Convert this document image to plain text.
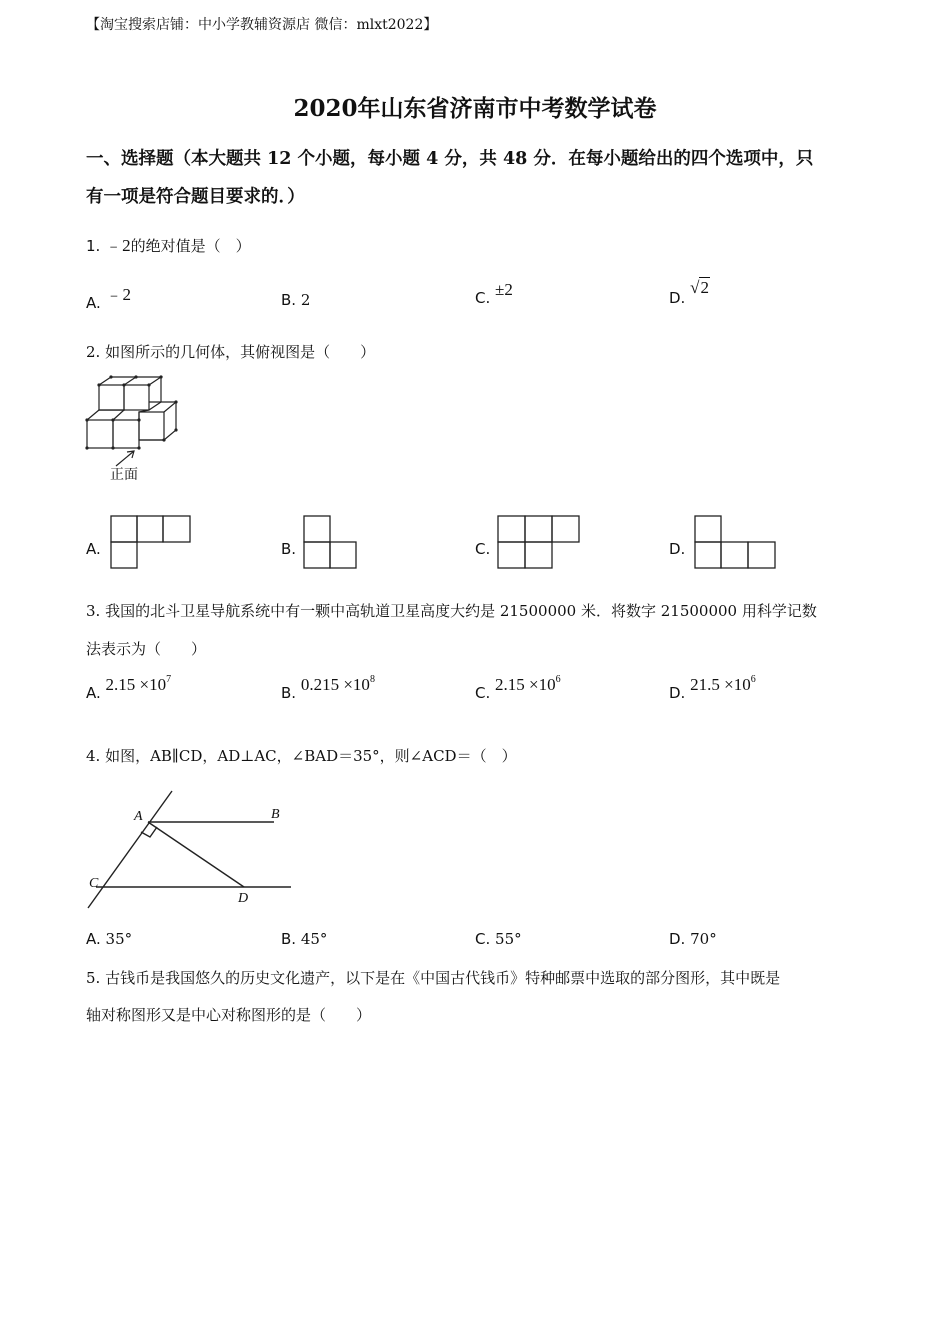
【淘宝搜索店铺：中小学教辅资源店 微信：mlxt2022】
2020年山东省济南市中考数学试卷
一、选择题（本大题共 12 个小题，每小题 4 分，共 48 分．在每小题给出的四个选项中，只
有一项是符合题目要求的．）
1. ﹣2的绝对值是（　）
A. ﹣2	B. 2	C. ±2	D. √2
2. 如图所示的几何体，其俯视图是（　　）
正面
A.	B.	C.	D.
3. 我国的北斗卫星导航系统中有一颗中高轨道卫星高度大约是 21500000 米．将数字 21500000 用科学记数
法表示为（　　）
A. $2.15 \times 10^7$
B. $0.215 \times 10^8$
C. $2.15 \times 10^6$
D. $21.5 \times 10^6$
4. 如图，AB∥CD，AD⊥AC，∠BAD＝35°，则∠ACD＝（　）
A	B
C
D
A. 35°	B. 45°	C. 55°	D. 70°
5. 古钱币是我国悠久的历史文化遗产，以下是在《中国古代钱币》特种邮票中选取的部分图形，其中既是
轴对称图形又是中心对称图形的是（　　）
